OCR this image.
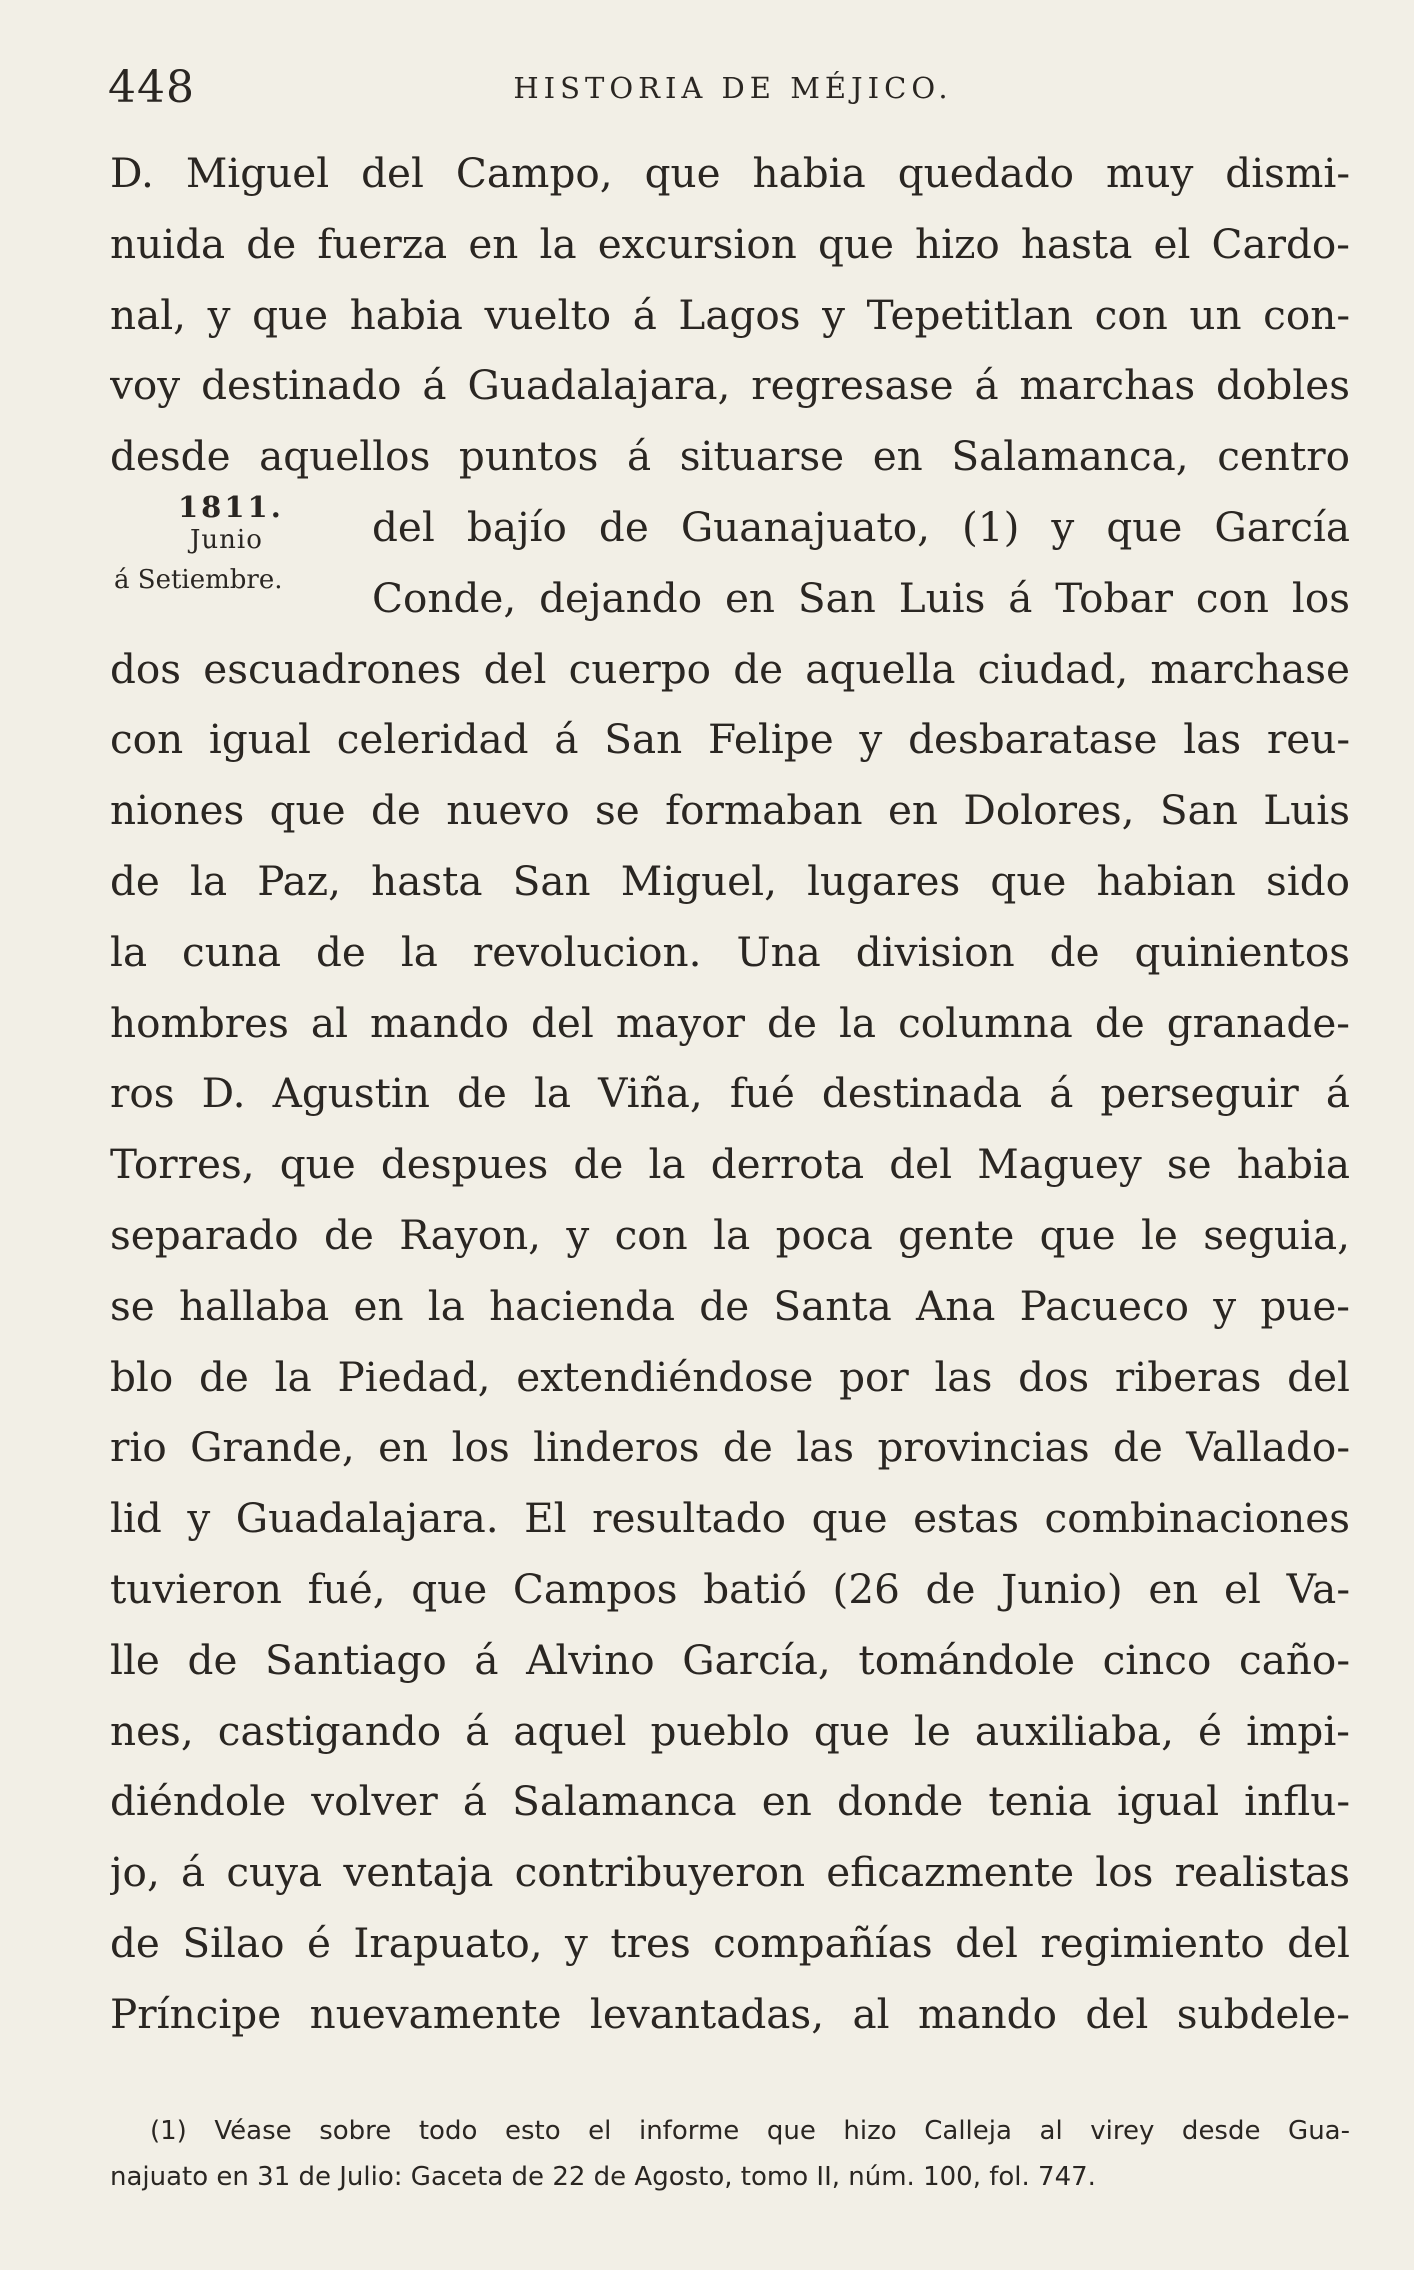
448	HISTORIA DE MÉJICO.
1811.
Junio
á Setiembre.
D. Miguel del Campo, que habia quedado muy dismi-
nuida de fuerza en la excursion que hizo hasta el Cardo-
nal, y que habia vuelto á Lagos y Tepetitlan con un con-
voy destinado á Guadalajara, regresase á marchas dobles
desde aquellos puntos á situarse en Salamanca, centro
del bajío de Guanajuato, (1) y que García
Conde, dejando en San Luis á Tobar con los
dos escuadrones del cuerpo de aquella ciudad, marchase
con igual celeridad á San Felipe y desbaratase las reu-
niones que de nuevo se formaban en Dolores, San Luis
de la Paz, hasta San Miguel, lugares que habian sido
la cuna de la revolucion. Una division de quinientos
hombres al mando del mayor de la columna de granade-
ros D. Agustin de la Viña, fué destinada á perseguir á
Torres, que despues de la derrota del Maguey se habia
separado de Rayon, y con la poca gente que le seguia,
se hallaba en la hacienda de Santa Ana Pacueco y pue-
blo de la Piedad, extendiéndose por las dos riberas del
rio Grande, en los linderos de las provincias de Vallado-
lid y Guadalajara. El resultado que estas combinaciones
tuvieron fué, que Campos batió (26 de Junio) en el Va-
lle de Santiago á Alvino García, tomándole cinco caño-
nes, castigando á aquel pueblo que le auxiliaba, é impi-
diéndole volver á Salamanca en donde tenia igual influ-
jo, á cuya ventaja contribuyeron eficazmente los realistas
de Silao é Irapuato, y tres compañías del regimiento del
Príncipe nuevamente levantadas, al mando del subdele-
(1) Véase sobre todo esto el informe que hizo Calleja al virey desde Gua-
najuato en 31 de Julio: Gaceta de 22 de Agosto, tomo II, núm. 100, fol. 747.
